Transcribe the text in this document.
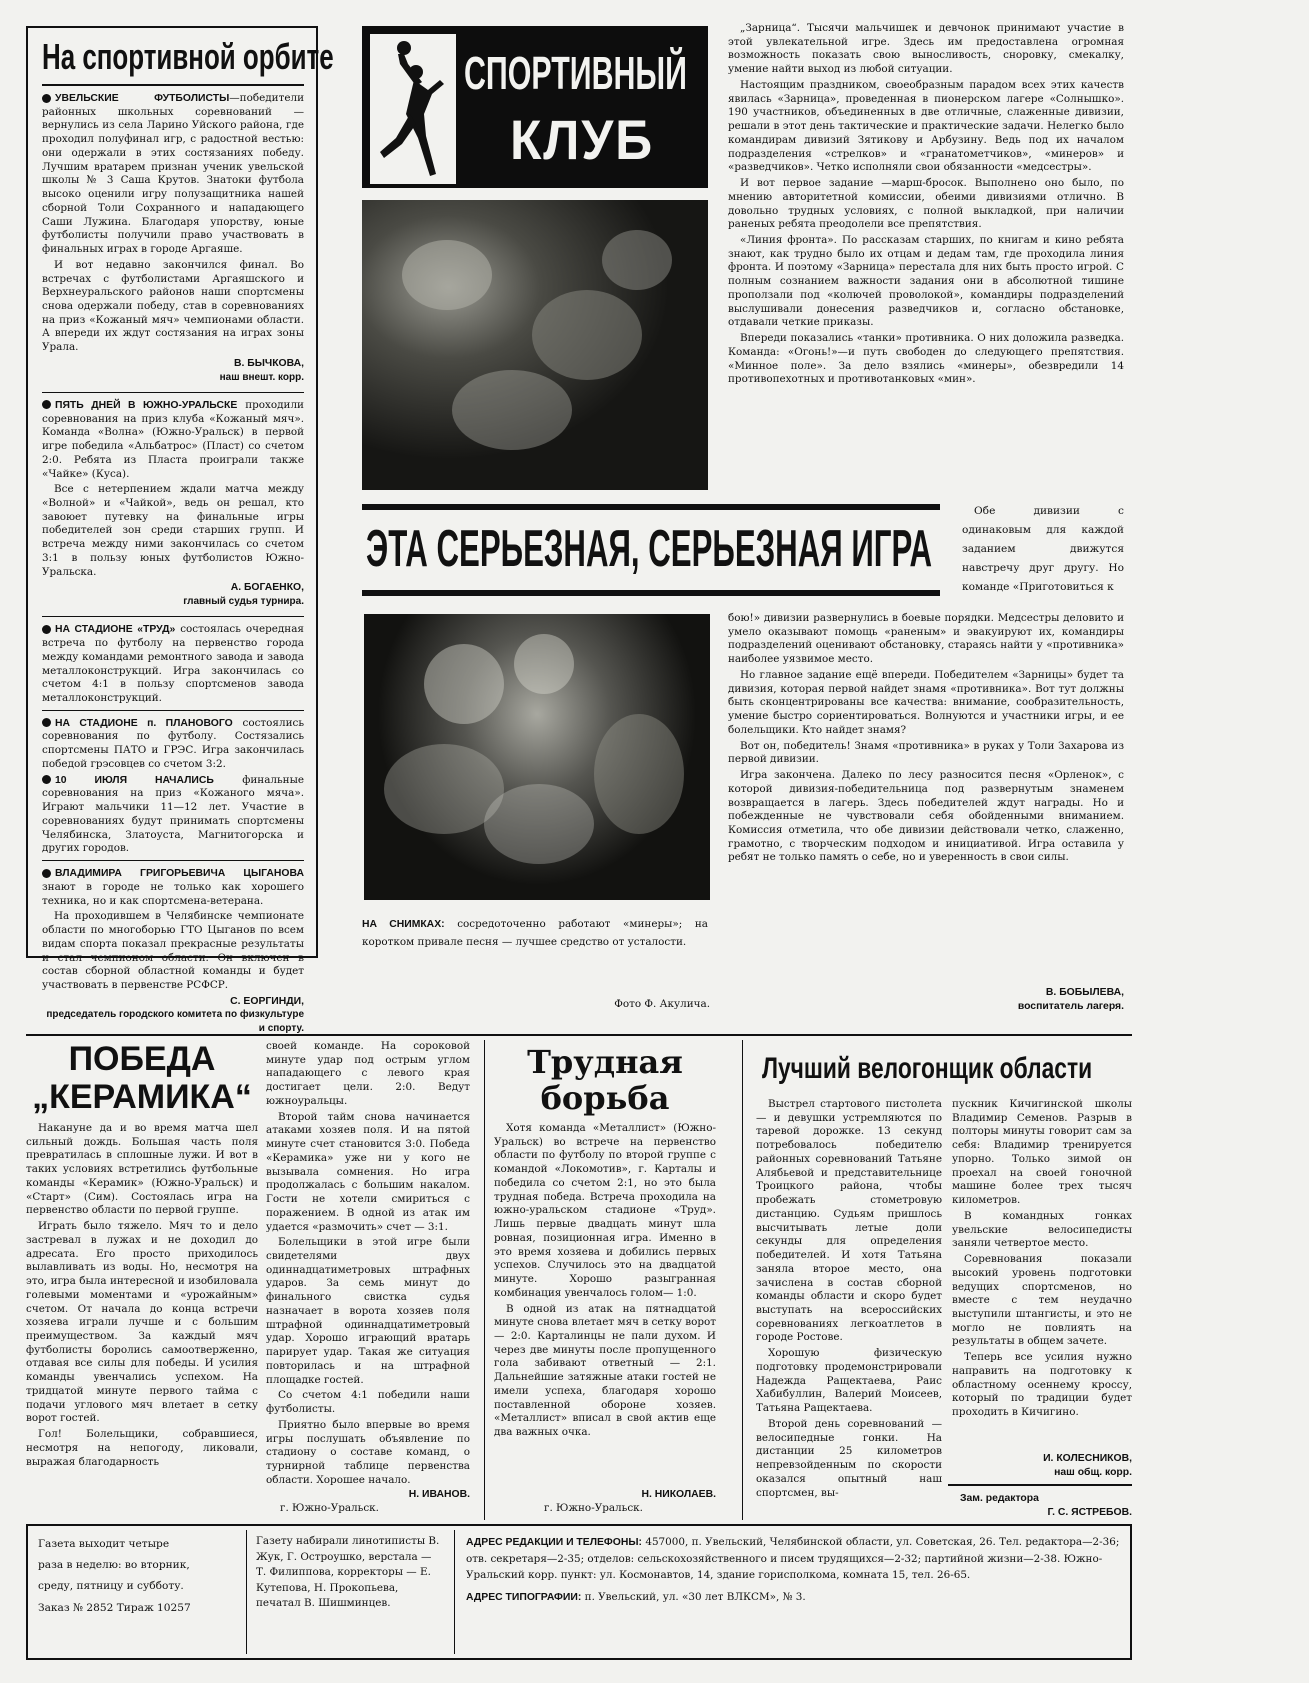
На спортивной орбите

УВЕЛЬСКИЕ ФУТБОЛИСТЫ—победители районных школьных соревнований — вернулись из села Ларино Уйского района, где проходил полуфинал игр, с радостной вестью: они одержали в этих состязаниях победу. Лучшим вратарем признан ученик увельской школы № 3 Саша Крутов. Знатоки футбола высоко оценили игру полузащитника нашей сборной Толи Сохранного и нападающего Саши Лужина. Благодаря упорству, юные футболисты получили право участвовать в финальных играх в городе Аргаяше.

И вот недавно закончился финал. Во встречах с футболистами Аргаяшского и Верхнеуральского районов наши спортсмены снова одержали победу, став в соревнованиях на приз «Кожаный мяч» чемпионами области. А впереди их ждут состязания на играх зоны Урала.

В. БЫЧКОВА,

наш внешт. корр.

ПЯТЬ ДНЕЙ В ЮЖНО-УРАЛЬСКЕ проходили соревнования на приз клуба «Кожаный мяч». Команда «Волна» (Южно-Уральск) в первой игре победила «Альбатрос» (Пласт) со счетом 2:0. Ребята из Пласта проиграли также «Чайке» (Куса).

Все с нетерпением ждали матча между «Волной» и «Чайкой», ведь он решал, кто завоюет путевку на финальные игры победителей зон среди старших групп. И встреча между ними закончилась со счетом 3:1 в пользу юных футболистов Южно-Уральска.

А. БОГАЕНКО,

главный судья турнира.

НА СТАДИОНЕ «ТРУД» состоялась очередная встреча по футболу на первенство города между командами ремонтного завода и завода металлоконструкций. Игра закончилась со счетом 4:1 в пользу спортсменов завода металлоконструкций.

НА СТАДИОНЕ п. ПЛАНОВОГО состоялись соревнования по футболу. Состязались спортсмены ПАТО и ГРЭС. Игра закончилась победой грэсовцев со счетом 3:2.

10 ИЮЛЯ НАЧАЛИСЬ	финальные соревнования на приз «Кожаного мяча». Играют мальчики 11—12 лет. Участие в соревнованиях будут принимать спортсмены Челябинска, Златоуста, Магнитогорска и других городов.

ВЛАДИМИРА ГРИГОРЬЕВИЧА ЦЫГАНОВА знают в городе не только как хорошего техника, но и как спортсмена-ветерана.

На проходившем в Челябинске чемпионате области по многоборью ГТО Цыганов по всем видам спорта показал прекрасные результаты и стал чемпионом области. Он включен в состав сборной областной команды и будет участвовать в первенстве РСФСР.

С. ЕОРГИНДИ,

председатель городского комитета по физкультуре и спорту.

СПОРТИВНЫЙ
КЛУБ

„Зарница“. Тысячи мальчишек и девчонок принимают участие в этой увлекательной игре. Здесь им предоставлена огромная возможность показать свою выносливость, сноровку, смекалку, умение найти выход из любой ситуации.

Настоящим праздником, своеобразным парадом всех этих качеств явилась «Зарница», проведенная в пионерском лагере «Солнышко». 190 участников, объединенных в две отличные, слаженные дивизии, решали в этот день тактические и практические задачи. Нелегко было командирам дивизий Зятикову и Арбузину. Ведь под их началом подразделения «стрелков» и «гранатометчиков», «минеров» и «разведчиков». Четко исполняли свои обязанности «медсестры».

И вот первое задание —марш-бросок. Выполнено оно было, по мнению авторитетной комиссии, обеими дивизиями отлично. В довольно трудных условиях, с полной выкладкой, при наличии раненых ребята преодолели все препятствия.

«Линия фронта». По рассказам старших, по книгам и кино ребята знают, как трудно было их отцам и дедам там, где проходила линия фронта. И поэтому «Зарница» перестала для них быть просто игрой. С полным сознанием важности задания они в абсолютной тишине проползали под «колючей проволокой», командиры подразделений выслушивали донесения разведчиков и, согласно обстановке, отдавали четкие приказы.

Впереди показались «танки» противника. О них доложила разведка. Команда: «Огонь!»—и путь свободен до следующего препятствия. «Минное поле». За дело взялись «минеры», обезвредили 14 противопехотных и противотанковых «мин».

ЭТА СЕРЬЕЗНАЯ, СЕРЬЕЗНАЯ ИГРА

Обе дивизии с одинаковым для каждой заданием движутся навстречу друг другу. Но команде «Приготовиться к

НА СНИМКАХ: сосредоточенно работают «минеры»; на коротком привале песня — лучшее средство от усталости.

Фото Ф. Акулича.

бою!» дивизии развернулись в боевые порядки. Медсестры деловито и умело оказывают помощь «раненым» и эвакуируют их, командиры подразделений оценивают обстановку, стараясь найти у «противника» наиболее уязвимое место.

Но главное задание ещё впереди. Победителем «Зарницы» будет та дивизия, которая первой найдет знамя «противника». Вот тут должны быть сконцентрированы все качества: внимание, сообразительность, умение быстро сориентироваться. Волнуются и участники игры, и ее болельщики. Кто найдет знамя?

Вот он, победитель! Знамя «противника» в руках у Толи Захарова из первой дивизии.

Игра закончена. Далеко по лесу разносится песня «Орленок», с которой дивизия-победительница под развернутым знаменем возвращается в лагерь. Здесь победителей ждут награды. Но и побежденные не чувствовали себя обойденными вниманием. Комиссия отметила, что обе дивизии действовали четко, слаженно, грамотно, с творческим подходом и инициативой. Игра оставила у ребят не только память о себе, но и уверенность в свои силы.

В. БОБЫЛЕВА,
воспитатель лагеря.
ПОБЕДА
„КЕРАМИКА“

Накануне да и во время матча шел сильный дождь. Большая часть поля превратилась в сплошные лужи. И вот в таких условиях встретились футбольные команды «Керамик» (Южно-Уральск) и «Старт» (Сим). Состоялась игра на первенство области по первой группе.

Играть было тяжело. Мяч то и дело застревал в лужах и не доходил до адресата. Его просто приходилось вылавливать из воды. Но, несмотря на это, игра была интересной и изобиловала голевыми моментами и «урожайным» счетом. От начала до конца встречи хозяева играли лучше и с большим преимуществом. За каждый мяч футболисты боролись самоотверженно, отдавая все силы для победы. И усилия команды увенчались успехом. На тридцатой минуте первого тайма с подачи углового мяч влетает в сетку ворот гостей.

Гол! Болельщики, собравшиеся, несмотря на непогоду, ликовали, выражая благодарность

своей команде. На сороковой минуте удар под острым углом нападающего с левого края достигает цели. 2:0. Ведут южноуральцы.

Второй тайм снова начинается атаками хозяев поля. И на пятой минуте счет становится 3:0. Победа «Керамика» уже ни у кого не вызывала сомнения. Но игра продолжалась с большим накалом. Гости не хотели смириться с поражением. В одной из атак им удается «размочить» счет — 3:1.

Болельщики в этой игре были свидетелями двух одиннадцатиметровых штрафных ударов. За семь минут до финального свистка судья назначает в ворота хозяев поля штрафной одиннадцатиметровый удар. Хорошо играющий вратарь парирует удар. Такая же ситуация повторилась и на штрафной площадке гостей.

Со счетом 4:1 победили наши футболисты.

Приятно было впервые во время игры послушать объявление по стадиону о составе команд, о турнирной таблице первенства области. Хорошее начало.

Н. ИВАНОВ.
г. Южно-Уральск.
Трудная
борьба

Хотя команда «Металлист» (Южно-Уральск) во встрече на первенство области по футболу по второй группе с командой «Локомотив», г. Карталы и победила со счетом 2:1, но это была трудная победа. Встреча проходила на южно-уральском стадионе «Труд». Лишь первые двадцать минут шла ровная, позиционная игра. Именно в это время хозяева и добились первых успехов. Случилось это на двадцатой минуте. Хорошо разыгранная комбинация увенчалось голом— 1:0.

В одной из атак на пятнадцатой минуте снова влетает мяч в сетку ворот — 2:0. Карталинцы не пали духом. И через две минуты после пропущенного гола забивают ответный — 2:1. Дальнейшие затяжные атаки гостей не имели успеха, благодаря хорошо поставленной обороне хозяев. «Металлист» вписал в свой актив еще два важных очка.

Н. НИКОЛАЕВ.
г. Южно-Уральск.
Лучший велогонщик области

Выстрел стартового пистолета — и девушки устремляются по таревой дорожке. 13 секунд потребовалось победителю районных соревнований Татьяне Алябьевой и представительнице Троицкого района, чтобы пробежать стометровую дистанцию. Судьям пришлось высчитывать летые доли секунды для определения победителей. И хотя Татьяна заняла второе место, она зачислена в состав сборной команды области и скоро будет выступать на всероссийских соревнованиях легкоатлетов в городе Ростове.

Хорошую физическую подготовку продемонстрировали Надежда Ращектаева, Раис Хабибуллин, Валерий Моисеев, Татьяна Ращектаева.

Второй день соревнований — велосипедные гонки. На дистанции 25 километров непревзойденным по скорости оказался опытный наш спортсмен, вы-

пускник Кичигинской школы Владимир Семенов. Разрыв в полторы минуты говорит сам за себя: Владимир тренируется упорно. Только зимой он проехал на своей гоночной машине более трех тысяч километров.

В командных гонках увельские велосипедисты заняли четвертое место.

Соревнования показали высокий уровень подготовки ведущих спортсменов, но вместе с тем неудачно выступили штангисты, и это не могло не повлиять на результаты в общем зачете.

Теперь все усилия нужно направить на подготовку к областному осеннему кроссу, который по традиции будет проходить в Кичигино.

И. КОЛЕСНИКОВ,
наш общ. корр.
Зам. редактора
Г. С. ЯСТРЕБОВ.
Газета выходит четыре
раза в неделю: во вторник,
среду, пятницу и субботу.
Заказ № 2852 Тираж 10257
Газету набирали линотиписты В. Жук, Г. Остроушко, верстала — Т. Филиппова, корректоры — Е. Кутепова, Н. Прокопьева, печатал В. Шишминцев.
АДРЕС РЕДАКЦИИ И ТЕЛЕФОНЫ: 457000, п. Увельский, Челябинской области, ул. Советская, 26. Тел. редактора—2-36; отв. секретаря—2-35; отделов: сельскохозяйственного и писем трудящихся—2-32; партийной жизни—2-38. Южно-Уральский корр. пункт: ул. Космонавтов, 14, здание горисполкома, комната 15, тел. 26-65.
АДРЕС ТИПОГРАФИИ: п. Увельский, ул. «30 лет ВЛКСМ», № 3.
